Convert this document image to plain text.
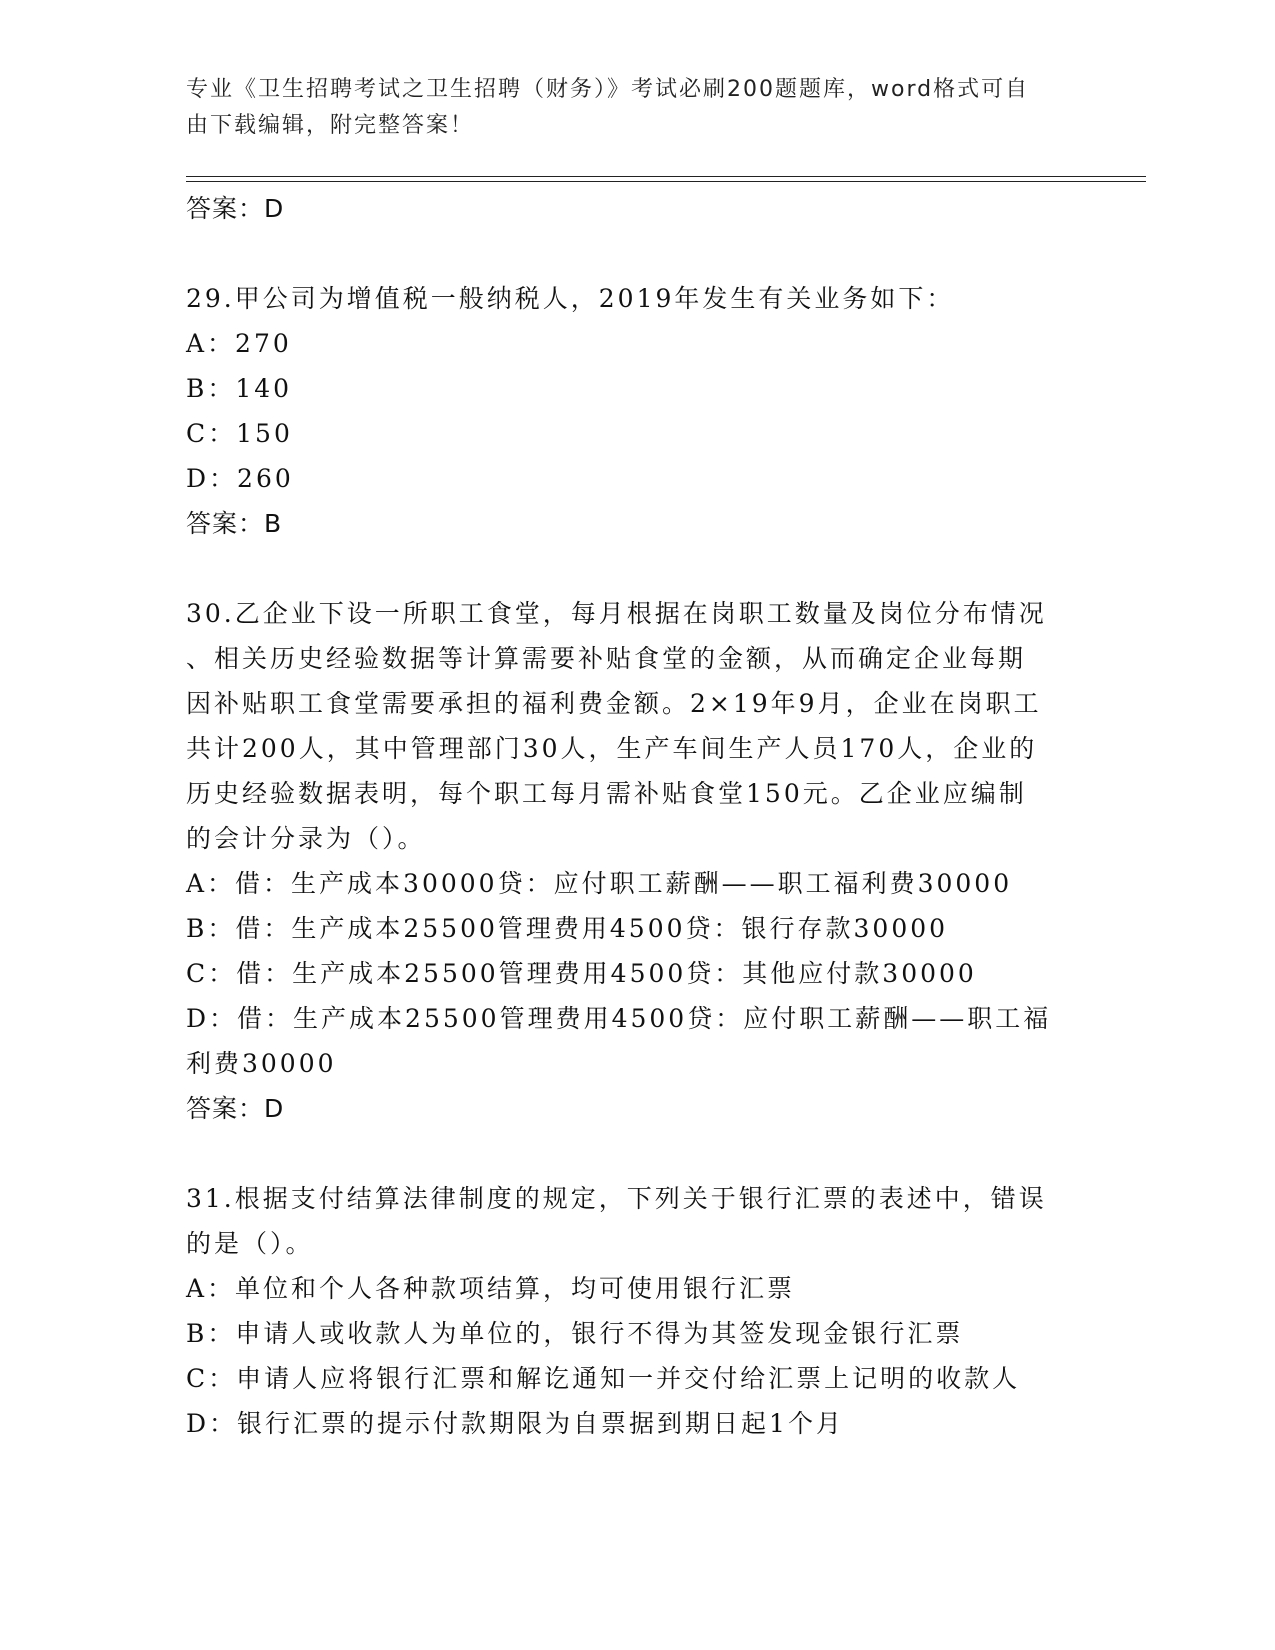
专业《卫生招聘考试之卫生招聘（财务）》考试必刷200题题库，word格式可自
由下载编辑，附完整答案！
答案：D
29.甲公司为增值税一般纳税人，2019年发生有关业务如下：
A：270
B：140
C：150
D：260
答案：B
30.乙企业下设一所职工食堂，每月根据在岗职工数量及岗位分布情况
、相关历史经验数据等计算需要补贴食堂的金额，从而确定企业每期
因补贴职工食堂需要承担的福利费金额。2×19年9月，企业在岗职工
共计200人，其中管理部门30人，生产车间生产人员170人，企业的
历史经验数据表明，每个职工每月需补贴食堂150元。乙企业应编制
的会计分录为（）。
A：借：生产成本30000贷：应付职工薪酬——职工福利费30000
B：借：生产成本25500管理费用4500贷：银行存款30000
C：借：生产成本25500管理费用4500贷：其他应付款30000
D：借：生产成本25500管理费用4500贷：应付职工薪酬——职工福
利费30000
答案：D
31.根据支付结算法律制度的规定，下列关于银行汇票的表述中，错误
的是（）。
A：单位和个人各种款项结算，均可使用银行汇票
B：申请人或收款人为单位的，银行不得为其签发现金银行汇票
C：申请人应将银行汇票和解讫通知一并交付给汇票上记明的收款人
D：银行汇票的提示付款期限为自票据到期日起1个月
